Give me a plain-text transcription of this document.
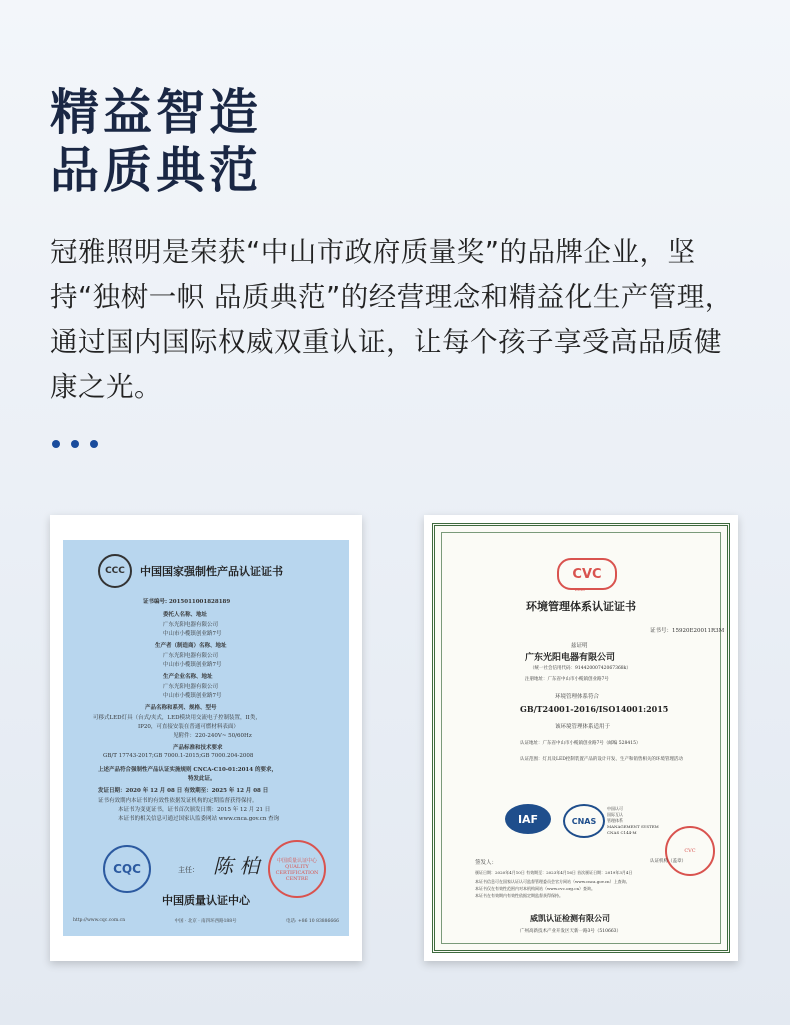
精益智造
品质典范
冠雅照明是荣获“中山市政府质量奖”的品牌企业，坚持“独树一帜 品质典范”的经营理念和精益化生产管理，通过国内国际权威双重认证，让每个孩子享受高品质健康之光。
CCC	中国国家强制性产品认证证书
证书编号: 2015011001828189
委托人名称、地址
广东光阳电器有限公司
中山市小榄镇创业路7号
生产者（制造商）名称、地址
广东光阳电器有限公司
中山市小榄镇创业路7号
生产企业名称、地址
广东光阳电器有限公司
中山市小榄镇创业路7号
产品名称和系列、规格、型号
可移式LED灯具（台式/夹式，LED模块用交流电子控制装置，II类，
IP20，可直接安装在普通可燃材料表面）
见附件：220-240V~ 50/60Hz
产品标准和技术要求
GB/T 17743-2017;GB 7000.1-2015;GB 7000.204-2008
上述产品符合强制性产品认证实施规则 CNCA-C10-01:2014 的要求，
特发此证。
发证日期：2020 年 12 月 08 日 有效期至：2025 年 12 月 08 日
证书有效期内本证书的有效性依据发证机构的定期监督获得保持。
本证书为变更证书，证书首次颁发日期：2015 年 12 月 21 日
本证书的相关信息可通过国家认监委网站 www.cnca.gov.cn 查询
CQC	主任： 陈 柏	中国质量认证中心 QUALITY CERTIFICATION CENTRE
中国质量认证中心
http://www.cqc.com.cn	中国 · 北京 · 南四环西路188号	电话: +86 10 83886666
CVC
EMS
环境管理体系认证证书
证书号：15920E20011R3M
兹证明
广东光阳电器有限公司
（统一社会信用代码：91442000742067368k）
注册地址：广东省中山市小榄镇创业路7号
环境管理体系符合
GB/T24001-2016/ISO14001:2015
该环境管理体系适用于
认证地址：广东省中山市小榄镇创业路7号（邮编 528415）
认证范围：灯具及LED控制装置产品的设计开发、生产和销售相关的环境管理活动
IAF	CNAS
中国认可
国际互认
管理体系
MANAGEMENT SYSTEM
CNAS C144-M
CVC
签发人：
颁证日期：2020年4月10日 有效期至：2023年4月16日 首次颁证日期：2019年3月4日
本证书信息可在国家认证认可监督管理委员会官方网站（www.cnca.gov.cn）上查询。
本证书仅在有效性范围内对本机构网站（www.cvc.org.cn）查询。
本证书在有效期内有效性依据定期监督获得保持。
认证机构（盖章）
威凯认证检测有限公司
广州高新技术产业开发区天新一路3号（510663）
